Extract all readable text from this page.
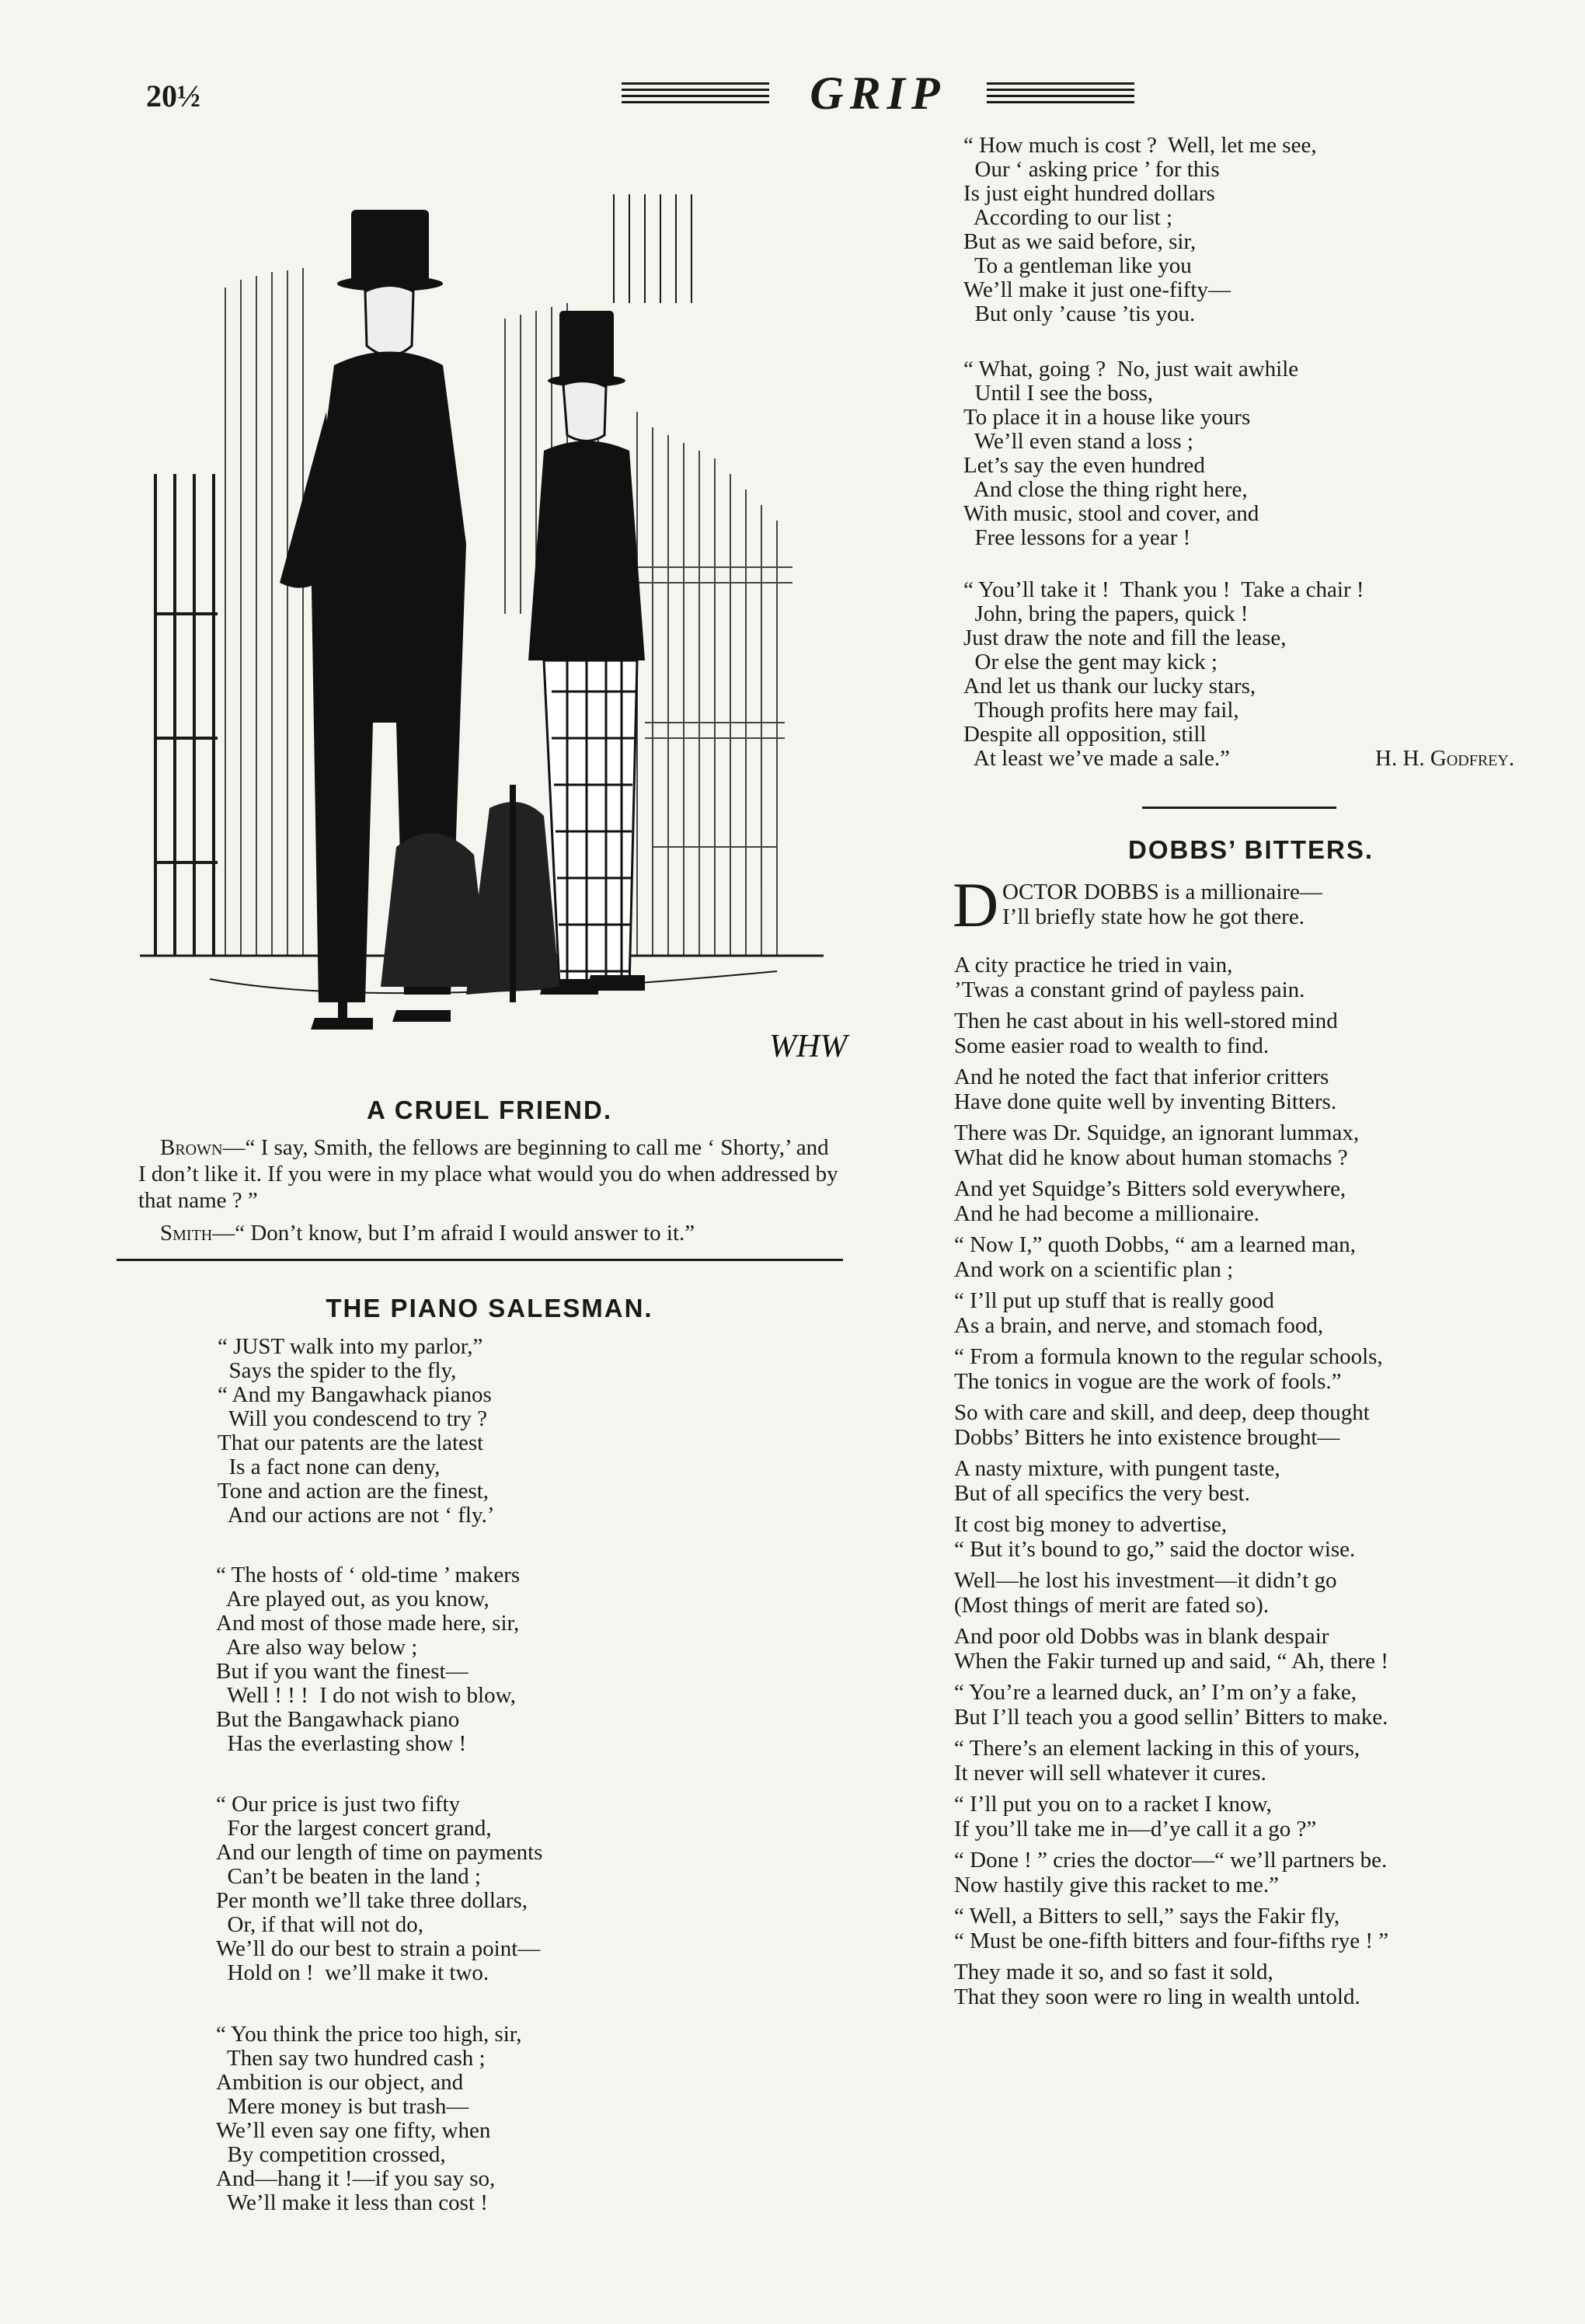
20½	GRIP
WHW
A CRUEL FRIEND.

Brown—“ I say, Smith, the fellows are beginning to call me ‘ Shorty,’ and I don’t like it. If you were in my place what would you do when addressed by that name ? ”

Smith—“ Don’t know, but I’m afraid I would answer to it.”

THE PIANO SALESMAN.
“ JUST walk into my parlor,”
Says the spider to the fly,
“ And my Bangawhack pianos
Will you condescend to try ?
That our patents are the latest
Is a fact none can deny,
Tone and action are the finest,
And our actions are not ‘ fly.’
“ The hosts of ‘ old-time ’ makers
Are played out, as you know,
And most of those made here, sir,
Are also way below ;
But if you want the finest—
Well ! ! !  I do not wish to blow,
But the Bangawhack piano
Has the everlasting show !
“ Our price is just two fifty
For the largest concert grand,
And our length of time on payments
Can’t be beaten in the land ;
Per month we’ll take three dollars,
Or, if that will not do,
We’ll do our best to strain a point—
Hold on !  we’ll make it two.
“ You think the price too high, sir,
Then say two hundred cash ;
Ambition is our object, and
Mere money is but trash—
We’ll even say one fifty, when
By competition crossed,
And—hang it !—if you say so,
We’ll make it less than cost !
“ How much is cost ?  Well, let me see,
Our ‘ asking price ’ for this
Is just eight hundred dollars
According to our list ;
But as we said before, sir,
To a gentleman like you
We’ll make it just one-fifty—
But only ’cause ’tis you.
“ What, going ?  No, just wait awhile
Until I see the boss,
To place it in a house like yours
We’ll even stand a loss ;
Let’s say the even hundred
And close the thing right here,
With music, stool and cover, and
Free lessons for a year !
“ You’ll take it !  Thank you !  Take a chair !
John, bring the papers, quick !
Just draw the note and fill the lease,
Or else the gent may kick ;
And let us thank our lucky stars,
Though profits here may fail,
Despite all opposition, still
At least we’ve made a sale.”	H. H. Godfrey.
DOBBS’ BITTERS.
D OCTOR DOBBS is a millionaire—
I’ll briefly state how he got there.
A city practice he tried in vain,
’Twas a constant grind of payless pain.
Then he cast about in his well-stored mind
Some easier road to wealth to find.
And he noted the fact that inferior critters
Have done quite well by inventing Bitters.
There was Dr. Squidge, an ignorant lummax,
What did he know about human stomachs ?
And yet Squidge’s Bitters sold everywhere,
And he had become a millionaire.
“ Now I,” quoth Dobbs, “ am a learned man,
And work on a scientific plan ;
“ I’ll put up stuff that is really good
As a brain, and nerve, and stomach food,
“ From a formula known to the regular schools,
The tonics in vogue are the work of fools.”
So with care and skill, and deep, deep thought
Dobbs’ Bitters he into existence brought—
A nasty mixture, with pungent taste,
But of all specifics the very best.
It cost big money to advertise,
“ But it’s bound to go,” said the doctor wise.
Well—he lost his investment—it didn’t go
(Most things of merit are fated so).
And poor old Dobbs was in blank despair
When the Fakir turned up and said, “ Ah, there !
“ You’re a learned duck, an’ I’m on’y a fake,
But I’ll teach you a good sellin’ Bitters to make.
“ There’s an element lacking in this of yours,
It never will sell whatever it cures.
“ I’ll put you on to a racket I know,
If you’ll take me in—d’ye call it a go ?”
“ Done ! ” cries the doctor—“ we’ll partners be.
Now hastily give this racket to me.”
“ Well, a Bitters to sell,” says the Fakir fly,
“ Must be one-fifth bitters and four-fifths rye ! ”
They made it so, and so fast it sold,
That they soon were ro ling in wealth untold.
